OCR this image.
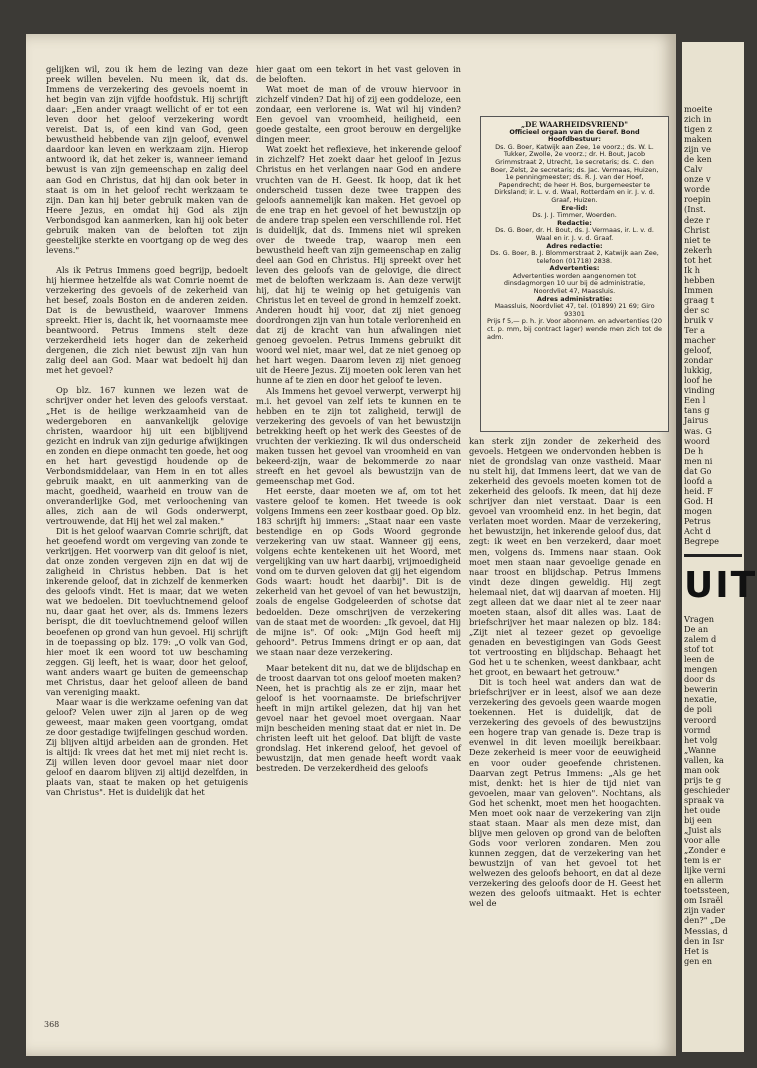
gelijken wil, zou ik hem de lezing van deze preek willen bevelen. Nu meen ik, dat ds. Immens de verzekering des gevoels noemt in het begin van zijn vijfde hoofdstuk. Hij schrijft daar: „Een ander vraagt wellicht of er tot een leven door het geloof verzekering wordt vereist. Dat is, of een kind van God, geen bewustheid hebbende van zijn geloof, evenwel daardoor kan leven en werkzaam zijn. Hierop antwoord ik, dat het zeker is, wanneer iemand bewust is van zijn gemeenschap en zalig deel aan God en Christus, dat hij dan ook beter in staat is om in het geloof recht werkzaam te zijn. Dan kan hij beter gebruik maken van de Heere Jezus, en omdat hij God als zijn Verbondsgod kan aanmerken, kan hij ook beter gebruik maken van de beloften tot zijn geestelijke sterkte en voortgang op de weg des levens."

Als ik Petrus Immens goed begrijp, bedoelt hij hiermee hetzelfde als wat Comrie noemt de verzekering des gevoels of de zekerheid van het besef, zoals Boston en de anderen zeiden. Dat is de bewustheid, waarover Immens spreekt. Hier is, dacht ik, het voornaamste mee beantwoord. Petrus Immens stelt deze verzekerdheid iets hoger dan de zekerheid dergenen, die zich niet bewust zijn van hun zalig deel aan God. Maar wat bedoelt hij dan met het gevoel?

Op blz. 167 kunnen we lezen wat de schrijver onder het leven des geloofs verstaat. „Het is de heilige werkzaamheid van de wedergeboren en aanvankelijk gelovige christen, waardoor hij uit een bijblijvend gezicht en indruk van zijn gedurige afwijkingen en zonden en diepe onmacht ten goede, het oog en het hart gevestigd houdende op de Verbondsmiddelaar, van Hem in en tot alles gebruik maakt, en uit aanmerking van de macht, goedheid, waarheid en trouw van de onveranderlijke God, met verloochening van alles, zich aan de wil Gods onderwerpt, vertrouwende, dat Hij het wel zal maken."

Dit is het geloof waarvan Comrie schrijft, dat het geoefend wordt om vergeving van zonde te verkrijgen. Het voorwerp van dit geloof is niet, dat onze zonden vergeven zijn en dat wij de zaligheid in Christus hebben. Dat is het inkerende geloof, dat in zichzelf de kenmerken des geloofs vindt. Het is maar, dat we weten wat we bedoelen. Dit toevluchtnemend geloof nu, daar gaat het over, als ds. Immens lezers berispt, die dit toevluchtnemend geloof willen beoefenen op grond van hun gevoel. Hij schrijft in de toepassing op blz. 179: „O volk van God, hier moet ik een woord tot uw beschaming zeggen. Gij leeft, het is waar, door het geloof, want anders waart ge buiten de gemeenschap met Christus, daar het geloof alleen de band van vereniging maakt.

Maar waar is die werkzame oefening van dat geloof? Velen uwer zijn al jaren op de weg geweest, maar maken geen voortgang, omdat ze door gestadige twijfelingen geschud worden. Zij blijven altijd arbeiden aan de gronden. Het is altijd: Ik vrees dat het met mij niet recht is. Zij willen leven door gevoel maar niet door geloof en daarom blijven zij altijd dezelfden, in plaats van, staat te maken op het getuigenis van Christus". Het is duidelijk dat het

hier gaat om een tekort in het vast geloven in de beloften.

Wat moet de man of de vrouw hiervoor in zichzelf vinden? Dat hij of zij een goddeloze, een zondaar, een verlorene is. Wat wil hij vinden? Een gevoel van vroomheid, heiligheid, een goede gestalte, een groot berouw en dergelijke dingen meer.

Wat zoekt het reflexieve, het inkerende geloof in zichzelf? Het zoekt daar het geloof in Jezus Christus en het verlangen naar God en andere vruchten van de H. Geest. Ik hoop, dat ik het onderscheid tussen deze twee trappen des geloofs aannemelijk kan maken. Het gevoel op de ene trap en het gevoel of het bewustzijn op de andere trap spelen een verschillende rol. Het is duidelijk, dat ds. Immens niet wil spreken over de tweede trap, waarop men een bewustheid heeft van zijn gemeenschap en zalig deel aan God en Christus. Hij spreekt over het leven des geloofs van de gelovige, die direct met de beloften werkzaam is. Aan deze verwijt hij, dat hij te weinig op het getuigenis van Christus let en teveel de grond in hemzelf zoekt. Anderen houdt hij voor, dat zij niet genoeg doordrongen zijn van hun totale verlorenheid en dat zij de kracht van hun afwalingen niet genoeg gevoelen. Petrus Immens gebruikt dit woord wel niet, maar wel, dat ze niet genoeg op het hart wegen. Daarom leven zij niet genoeg uit de Heere Jezus. Zij moeten ook leren van het hunne af te zien en door het geloof te leven.

Als Immens het gevoel verwerpt, verwerpt hij m.i. het gevoel van zelf iets te kunnen en te hebben en te zijn tot zaligheid, terwijl de verzekering des gevoels of van het bewustzijn betrekking heeft op het werk des Geestes of de vruchten der verkiezing. Ik wil dus onderscheid maken tussen het gevoel van vroomheid en van bekeerd-zijn, waar de bekommerde zo naar streeft en het gevoel als bewustzijn van de gemeenschap met God.

Het eerste, daar moeten we af, om tot het vastere geloof te komen. Het tweede is ook volgens Immens een zeer kostbaar goed. Op blz. 183 schrijft hij immers: „Staat naar een vaste bestendige en op Gods Woord gegronde verzekering van uw staat. Wanneer gij eens, volgens echte kentekenen uit het Woord, met vergelijking van uw hart daarbij, vrijmoedigheid vond om te durven geloven dat gij het eigendom Gods waart: houdt het daarbij". Dit is de zekerheid van het gevoel of van het bewustzijn, zoals de engelse Godgeleerden of schotse dat bedoelden. Deze omschrijven de verzekering van de staat met de woorden: „Ik gevoel, dat Hij de mijne is". Of ook: „Mijn God heeft mij gehoord". Petrus Immens dringt er op aan, dat we staan naar deze verzekering.

Maar betekent dit nu, dat we de blijdschap en de troost daarvan tot ons geloof moeten maken? Neen, het is prachtig als ze er zijn, maar het geloof is het voornaamste. De briefschrijver heeft in mijn artikel gelezen, dat hij van het gevoel naar het gevoel moet overgaan. Naar mijn bescheiden mening staat dat er niet in. De christen leeft uit het geloof. Dat blijft de vaste grondslag. Het inkerend geloof, het gevoel of bewustzijn, dat men genade heeft wordt vaak bestreden. De verzekerdheid des geloofs

„DE WAARHEIDSVRIEND"
Officieel orgaan van de Geref. Bond
Hoofdbestuur:
Ds. G. Boer, Katwijk aan Zee, 1e voorz.; ds. W. L. Tukker, Zwolle, 2e voorz.; dr. H. Bout, Jacob Grimmstraat 2, Utrecht, 1e secretaris; ds. C. den Boer, Zelst, 2e secretaris; ds. Jac. Vermaas, Huizen, 1e penningmeester; ds. R. J. van der Hoef, Papendrecht; de heer H. Bos, burgemeester te Dirksland; ir. L. v. d. Waal, Rotterdam en ir. J. v. d. Graaf, Huizen.
Ere-lid:
Ds. J. J. Timmer, Woerden.
Redactie:
Ds. G. Boer, dr. H. Bout, ds. J. Vermaas, ir. L. v. d. Waal en ir. J. v. d. Graaf.
Adres redactie:
Ds. G. Boer, B. J. Blommerstraat 2, Katwijk aan Zee, telefoon (01718) 2838.
Advertenties:
Advertenties worden aangenomen tot dinsdagmorgen 10 uur bij de administratie, Noordvliet 47, Maassluis.
Adres administratie:
Maassluis, Noordvliet 47, tel. (01899) 21 69; Giro 93301
Prijs f 5,— p. h. jr. Voor abonnem. en advertenties (20 ct. p. mm, bij contract lager) wende men zich tot de adm.

kan sterk zijn zonder de zekerheid des gevoels. Hetgeen we ondervonden hebben is niet de grondslag van onze vastheid. Maar nu stelt hij, dat Immens leert, dat we van de zekerheid des gevoels moeten komen tot de zekerheid des geloofs. Ik meen, dat hij deze schrijver dan niet verstaat. Daar is een gevoel van vroomheid enz. in het begin, dat verlaten moet worden. Maar de verzekering, het bewustzijn, het inkerende geloof dus, dat zegt: ik weet en ben verzekerd, daar moet men, volgens ds. Immens naar staan. Ook moet men staan naar gevoelige genade en naar troost en blijdschap. Petrus Immens vindt deze dingen geweldig. Hij zegt helemaal niet, dat wij daarvan af moeten. Hij zegt alleen dat we daar niet al te zeer naar moeten staan, alsof dit alles was. Laat de briefschrijver het maar nalezen op blz. 184: „Zijt niet al tezeer gezet op gevoelige genaden en bevestigingen van Gods Geest tot vertroosting en blijdschap. Behaagt het God het u te schenken, weest dankbaar, acht het groot, en bewaart het getrouw."

Dit is toch heel wat anders dan wat de briefschrijver er in leest, alsof we aan deze verzekering des gevoels geen waarde mogen toekennen. Het is duidelijk, dat de verzekering des gevoels of des bewustzijns een hogere trap van genade is. Deze trap is evenwel in dit leven moeilijk bereikbaar. Deze zekerheid is meer voor de eeuwigheid en voor ouder geoefende christenen. Daarvan zegt Petrus Immens: „Als ge het mist, denkt: het is hier de tijd niet van gevoelen, maar van geloven". Nochtans, als God het schenkt, moet men het hoogachten. Men moet ook naar de verzekering van zijn staat staan. Maar als men deze mist, dan blijve men geloven op grond van de beloften Gods voor verloren zondaren. Men zou kunnen zeggen, dat de verzekering van het bewustzijn of van het gevoel tot het welwezen des geloofs behoort, en dat al deze verzekering des geloofs door de H. Geest het wezen des geloofs uitmaakt. Het is echter wel de

368
moeite
zich in
tigen z
maken
zijn ve
de ken
Calv
onze v
worde
roepin
(Inst.
deze r
Christ
niet te
zekerh
tot het
Ik h
hebben
Immen
graag t
der sc
bruik v
Ter a
macher
geloof,
zondar
lukkig,
loof he
vinding
Een l
tans g
Jairus
was. G
woord
De h
men ni
dat Go
loofd a
heid. F
God. H
mogen
Petrus
Acht d
Begrepe
UIT
Vragen
De an
zalem d
stof tot
leen de
mengen
door ds
bewerin
nexatie,
de poli
veroord
vormd
het volg
„Wanne
vallen, ka
man ook
prijs te g
geschieder
spraak va
het oude
bij een
„Juist als
voor alle
„Zonder e
tem is er
lijke verni
en allerm
toetssteen,
om Israël
zijn vader
den?" „De
Messias, d
den in Isr
Het is
gen en
